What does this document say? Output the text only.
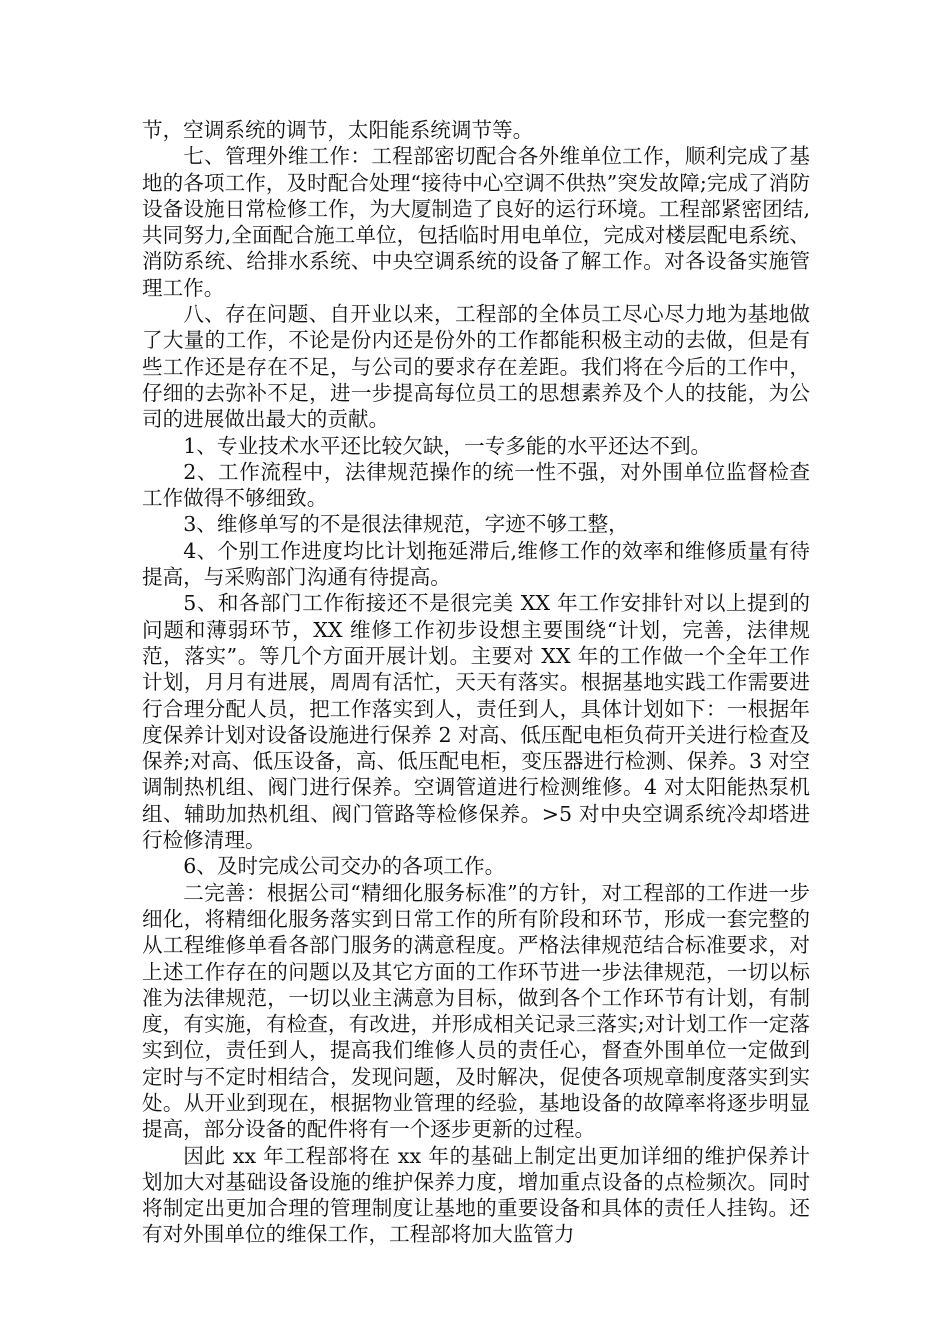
节，空调系统的调节，太阳能系统调节等。

七、管理外维工作：工程部密切配合各外维单位工作，顺利完成了基地的各项工作，及时配合处理“接待中心空调不供热”突发故障;完成了消防设备设施日常检修工作，为大厦制造了良好的运行环境。工程部紧密团结,共同努力,全面配合施工单位，包括临时用电单位，完成对楼层配电系统、消防系统、给排水系统、中央空调系统的设备了解工作。对各设备实施管理工作。

八、存在问题、自开业以来，工程部的全体员工尽心尽力地为基地做了大量的工作，不论是份内还是份外的工作都能积极主动的去做，但是有些工作还是存在不足，与公司的要求存在差距。我们将在今后的工作中，仔细的去弥补不足，进一步提高每位员工的思想素养及个人的技能，为公司的进展做出最大的贡献。

1、专业技术水平还比较欠缺，一专多能的水平还达不到。

2、工作流程中，法律规范操作的统一性不强，对外围单位监督检查工作做得不够细致。

3、维修单写的不是很法律规范，字迹不够工整，

4、个别工作进度均比计划拖延滞后,维修工作的效率和维修质量有待提高，与采购部门沟通有待提高。

5、和各部门工作衔接还不是很完美 XX 年工作安排针对以上提到的问题和薄弱环节，XX 维修工作初步设想主要围绕“计划，完善，法律规范，落实”。等几个方面开展计划。主要对 XX 年的工作做一个全年工作计划，月月有进展，周周有活忙，天天有落实。根据基地实践工作需要进行合理分配人员，把工作落实到人，责任到人，具体计划如下：一根据年度保养计划对设备设施进行保养 2 对高、低压配电柜负荷开关进行检查及保养;对高、低压设备，高、低压配电柜，变压器进行检测、保养。3 对空调制热机组、阀门进行保养。空调管道进行检测维修。4 对太阳能热泵机组、辅助加热机组、阀门管路等检修保养。>5 对中央空调系统冷却塔进行检修清理。

6、及时完成公司交办的各项工作。

二完善：根据公司“精细化服务标准”的方针，对工程部的工作进一步细化，将精细化服务落实到日常工作的所有阶段和环节，形成一套完整的从工程维修单看各部门服务的满意程度。严格法律规范结合标准要求，对上述工作存在的问题以及其它方面的工作环节进一步法律规范，一切以标准为法律规范，一切以业主满意为目标，做到各个工作环节有计划，有制度，有实施，有检查，有改进，并形成相关记录三落实;对计划工作一定落实到位，责任到人，提高我们维修人员的责任心，督查外围单位一定做到定时与不定时相结合，发现问题，及时解决，促使各项规章制度落实到实处。从开业到现在，根据物业管理的经验，基地设备的故障率将逐步明显提高，部分设备的配件将有一个逐步更新的过程。

因此 xx 年工程部将在 xx 年的基础上制定出更加详细的维护保养计划加大对基础设备设施的维护保养力度，增加重点设备的点检频次。同时将制定出更加合理的管理制度让基地的重要设备和具体的责任人挂钩。还有对外围单位的维保工作，工程部将加大监管力
